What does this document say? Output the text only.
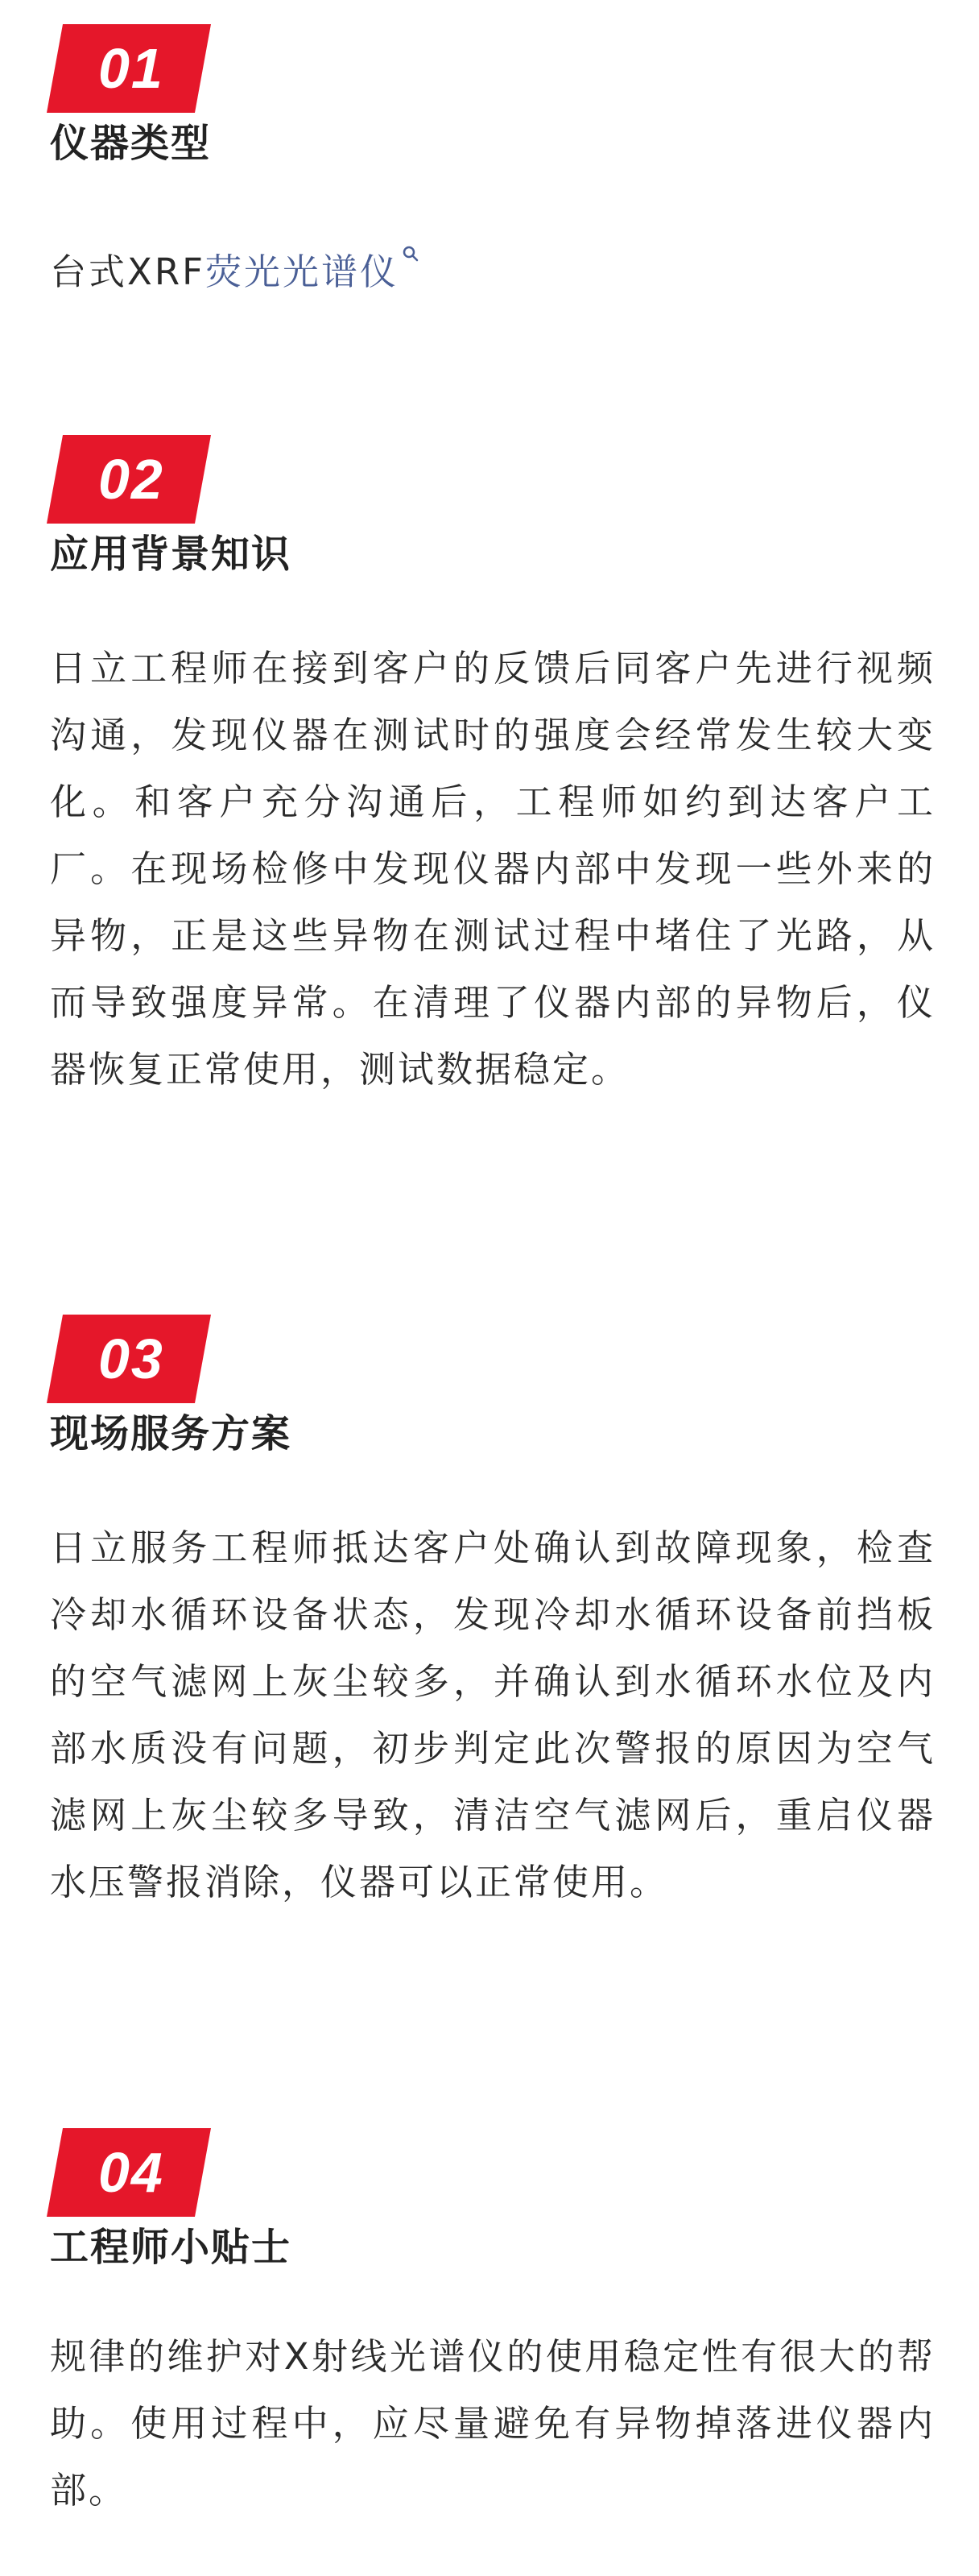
01
仪器类型
台式XRF荧光光谱仪
02
应用背景知识
日立工程师在接到客户的反馈后同客户先进行视频沟通，发现仪器在测试时的强度会经常发生较大变化。和客户充分沟通后，工程师如约到达客户工厂。在现场检修中发现仪器内部中发现一些外来的异物，正是这些异物在测试过程中堵住了光路，从而导致强度异常。在清理了仪器内部的异物后，仪器恢复正常使用，测试数据稳定。
03
现场服务方案
日立服务工程师抵达客户处确认到故障现象，检查冷却水循环设备状态，发现冷却水循环设备前挡板的空气滤网上灰尘较多，并确认到水循环水位及内部水质没有问题，初步判定此次警报的原因为空气滤网上灰尘较多导致，清洁空气滤网后，重启仪器水压警报消除，仪器可以正常使用。
04
工程师小贴士
规律的维护对X射线光谱仪的使用稳定性有很大的帮助。使用过程中，应尽量避免有异物掉落进仪器内部。
